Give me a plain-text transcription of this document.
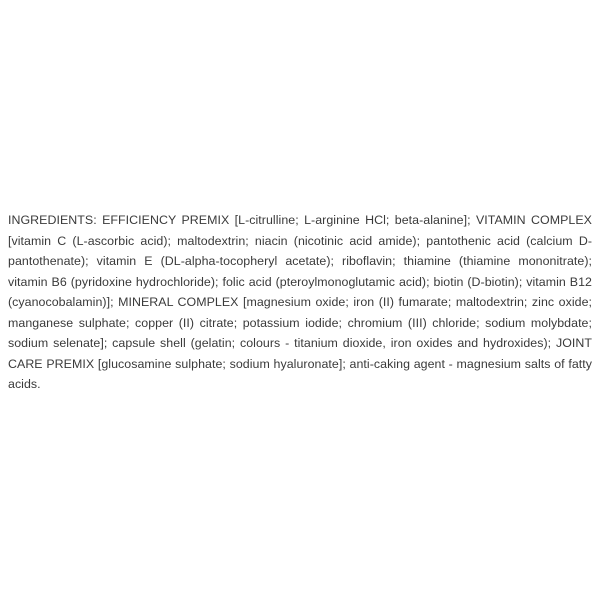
INGREDIENTS: EFFICIENCY PREMIX [L-citrulline; L-arginine HCl; beta-alanine]; VITAMIN COMPLEX [vitamin C (L-ascorbic acid); maltodextrin; niacin (nicotinic acid amide); pantothenic acid (calcium D-pantothenate); vitamin E (DL-alpha-tocopheryl acetate); riboflavin; thiamine (thiamine mononitrate); vitamin B6 (pyridoxine hydrochloride); folic acid (pteroylmonoglutamic acid); biotin (D-biotin); vitamin B12 (cyanocobalamin)]; MINERAL COMPLEX [magnesium oxide; iron (II) fumarate; maltodextrin; zinc oxide; manganese sulphate; copper (II) citrate; potassium iodide; chromium (III) chloride; sodium molybdate; sodium selenate]; capsule shell (gelatin; colours - titanium dioxide, iron oxides and hydroxides); JOINT CARE PREMIX [glucosamine sulphate; sodium hyaluronate]; anti-caking agent - magnesium salts of fatty acids.
